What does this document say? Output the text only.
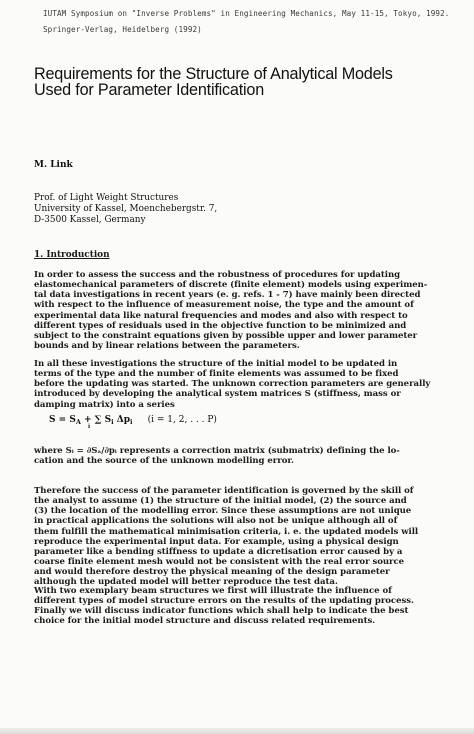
IUTAM Symposium on "Inverse Problems" in Engineering Mechanics, May 11-15, Tokyo, 1992.
Springer-Verlag, Heidelberg (1992)
Requirements for the Structure of Analytical Models
Used for Parameter Identification
M. Link
Prof. of Light Weight Structures
University of Kassel, Moenchebergstr. 7,
D-3500 Kassel, Germany
1. Introduction
In order to assess the success and the robustness of procedures for updating
elastomechanical parameters of discrete (finite element) models using experimen-
tal data investigations in recent years (e. g. refs. 1 - 7) have mainly been directed
with respect to the influence of measurement noise, the type and the amount of
experimental data like natural frequencies and modes and also with respect to
different types of residuals used in the objective function to be minimized and
subject to the constraint equations given by possible upper and lower parameter
bounds and by linear relations between the parameters.
In all these investigations the structure of the initial model to be updated in
terms of the type and the number of finite elements was assumed to be fixed
before the updating was started. The unknown correction parameters are generally
introduced by developing the analytical system matrices S (stiffness, mass or
damping matrix) into a series
$S = S_A$ + ∑ $S_i$ $\Delta p_i$
i
(i = 1, 2, . . . P)
where Sᵢ = ∂Sₐ/∂pᵢ represents a correction matrix (submatrix) defining the lo-
cation and the source of the unknown modelling error.
Therefore the success of the parameter identification is governed by the skill of
the analyst to assume (1) the structure of the initial model, (2) the source and
(3) the location of the modelling error. Since these assumptions are not unique
in practical applications the solutions will also not be unique although all of
them fulfill the mathematical minimisation criteria, i. e. the updated models will
reproduce the experimental input data. For example, using a physical design
parameter like a bending stiffness to update a dicretisation error caused by a
coarse finite element mesh would not be consistent with the real error source
and would therefore destroy the physical meaning of the design parameter
although the updated model will better reproduce the test data.
With two exemplary beam structures we first will illustrate the influence of
different types of model structure errors on the results of the updating process.
Finally we will discuss indicator functions which shall help to indicate the best
choice for the initial model structure and discuss related requirements.
